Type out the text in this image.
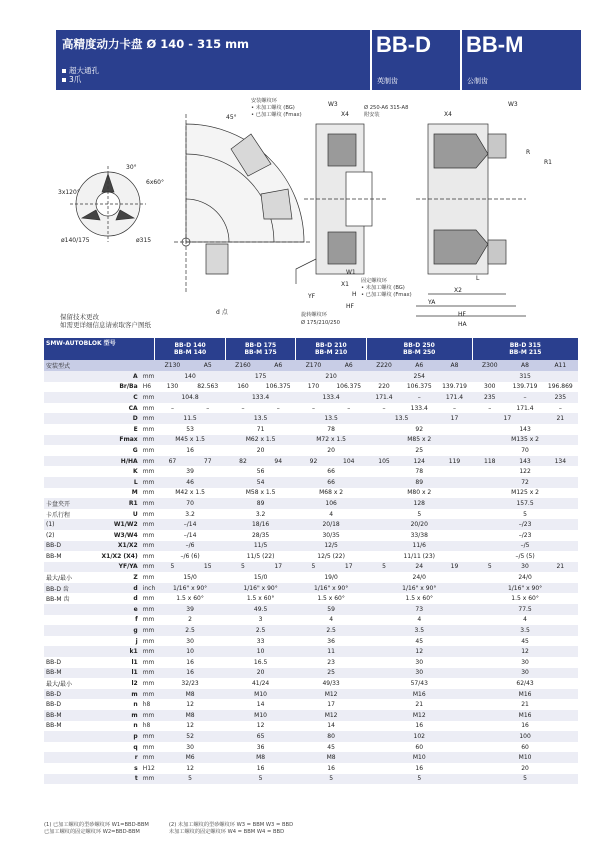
高精度动力卡盘 Ø 140 - 315 mm
超大通孔
3爪
BB-D
英制齿
BB-M
公制齿
45°
30°
6x60°
3x120°
ø140/175	ø315
d 点
W3
X4	X4
W3
R
R1
W1
X1
YF	H
HF
X2
YA
HF
HA
L
安装螺纹环
• 未加工螺纹 (BG)
• 已加工螺纹 (Fmax)
Ø 250-A6 315-A8
附安装
固定螺纹环
• 未加工螺纹 (BG)
• 已加工螺纹 (Fmax)
旋转螺纹环
Ø 175/210/250
保留技术更改
如需更详细信息请索取客户图纸
SMW-AUTOBLOK 型号			BB-D 140
BB-M 140		BB-D 175
BB-M 175		BB-D 210
BB-M 210		BB-D 250
BB-M 250			BB-D 315
BB-M 215		
安装型式			Z130	A5	Z160	A6	Z170	A6	Z220	A6	A8	Z300	A8	A11
	A	mm	140		175		210		254			315		
	Br/Ba	H6	130	82.563	160	106.375	170	106.375	220	106.375	139.719	300	139.719	196.869
	C	mm	104.8		133.4		133.4		171.4	–	171.4	235	–	235
	CA	mm	–	–	–	–	–	–	–	133.4	–	–	171.4	–
	D	mm	11.5		13.5		13.5		13.5		17	17		21
	E	mm	53		71		78		92			143		
	Fmax	mm	M45 x 1.5		M62 x 1.5		M72 x 1.5		M85 x 2			M135 x 2		
	G	mm	16		20		20		25			70		
	H/HA	mm	67	77	82	94	92	104	105	124	119	118	143	134
	K	mm	39		56		66		78			122		
	L	mm	46		54		66		89			72		
	M	mm	M42 x 1.5		M58 x 1.5		M68 x 2		M80 x 2			M125 x 2		
卡盘夹开	R1	mm	70		89		106		128			157.5		
卡爪行程	U	mm	3.2		3.2		4		5			5		
(1)	W1/W2	mm	–/14		18/16		20/18		20/20			–/23		
(2)	W3/W4	mm	–/14		28/35		30/35		33/38			–/23		
BB-D	X1/X2	mm	–/6		11/5		12/5		11/6			–/5		
BB-M	X1/X2 (X4)	mm	–/6 (6)		11/5 (22)		12/5 (22)		11/11 (23)			–/5 (5)		
	YF/YA	mm	5	15	5	17	5	17	5	24	19	5	30	21
最大/最小	Z	mm	15/0		15/0		19/0		24/0			24/0		
BB-D 齿	d	inch	1/16" x 90°		1/16" x 90°		1/16" x 90°		1/16" x 90°			1/16" x 90°		
BB-M 齿	d	mm	1.5 x 60°		1.5 x 60°		1.5 x 60°		1.5 x 60°			1.5 x 60°		
	e	mm	39		49.5		59		73			77.5		
	f	mm	2		3		4		4			4		
	g	mm	2.5		2.5		2.5		3.5			3.5		
	j	mm	30		33		36		45			45		
	k1	mm	10		10		11		12			12		
BB-D	l1	mm	16		16.5		23		30			30		
BB-M	l1	mm	16		20		25		30			30		
最大/最小	l2	mm	32/23		41/24		49/33		57/43			62/43		
BB-D	m	mm	M8		M10		M12		M16			M16		
BB-D	n	h8	12		14		17		21			21		
BB-M	m	mm	M8		M10		M12		M12			M16		
BB-M	n	h8	12		12		14		16			16		
	p	mm	52		65		80		102			100		
	q	mm	30		36		45		60			60		
	r	mm	M6		M8		M8		M10			M10		
	s	H12	12		16		16		16			20		
	t	mm	5		5		5		5			5		
(1) 已加工螺纹的型砂螺纹环 W1=BBD-BBM
已加工螺纹的固定螺纹环 W2=BBD-BBM
(2) 未加工螺纹的型砂螺纹环 W3 = BBM W3 = BBD
未加工螺纹的固定螺纹环 W4 = BBM W4 = BBD
